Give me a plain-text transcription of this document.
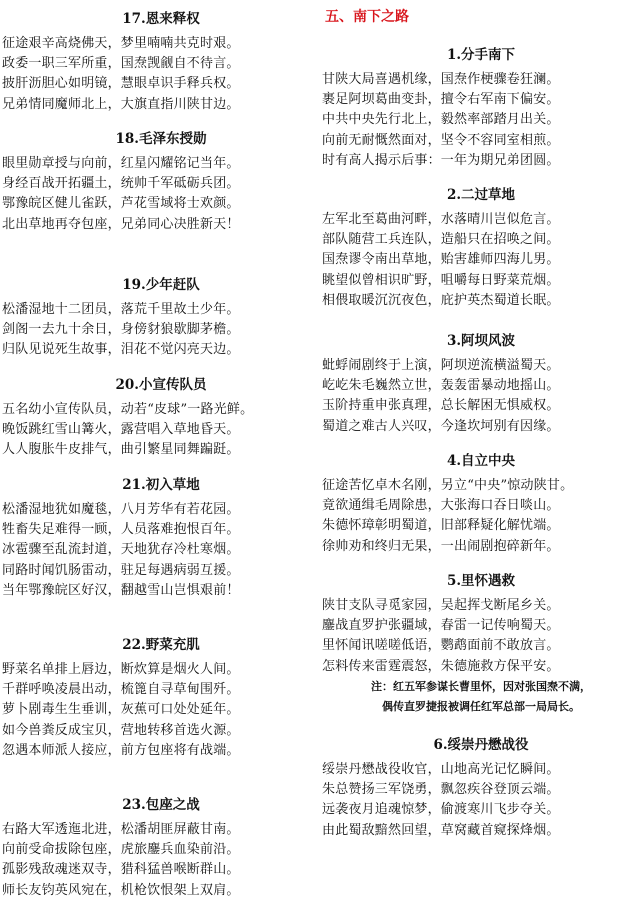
五、南下之路
17.恩来释权
征途艰辛高烧佛天，梦里喃喃共克时艰。
政委一职三军所重，国焘觊觎自不待言。
披肝沥胆心如明镜，慧眼卓识手释兵权。
兄弟情同魔师北上，大旗直指川陕甘边。
18.毛泽东授勋
眼里勋章授与向前，红星闪耀铭记当年。
身经百战开拓疆土，统帅千军砥砺兵团。
鄂豫皖区健儿雀跃，芦花雪域将士欢颜。
北出草地再夺包座，兄弟同心决胜新天！
19.少年赶队
松潘湿地十二团员，落荒千里故土少年。
剑阁一去九十余日，身傍豺狼歇脚茅檐。
归队见说死生故事，泪花不觉闪亮天边。
20.小宣传队员
五名幼小宣传队员，动若“皮球”一路光鲜。
晚饭跳红雪山篝火，露营唱入草地昏天。
人人腹胀牛皮排气，曲引繁星同舞蹁跹。
21.初入草地
松潘湿地犹如魔毯，八月芳华有若花园。
牲畜失足难得一顾，人员落难抱恨百年。
冰雹骤至乱流封道，天地犹存冷杜寒烟。
同路时闻饥肠雷动，驻足每遇病弱互援。
当年鄂豫皖区好汉，翻越雪山岂惧艰前！
22.野菜充肌
野菜名单排上唇边，断炊算是烟火人间。
千群呼唤凌晨出动，梳篦自寻草甸围歼。
萝卜剧毒生生垂训，灰蕉可口处处延年。
如今兽粪反成宝贝，营地转移首选火源。
忽遇本师派人接应，前方包座将有战端。
23.包座之战
右路大军透迤北进，松潘胡匪屏蔽甘南。
向前受命拔除包座，虎旅鏖兵血染前沿。
孤影残敌魂迷双寺，猎科猛兽喉断群山。
师长友钧英风宛在，机枪饮恨架上双肩。
1.分手南下
甘陕大局喜遇机缘，国焘作梗骤卷狂澜。
裹足阿坝葛曲变卦，擅令右军南下偏安。
中共中央先行北上，毅然率部踏月出关。
向前无耐慨然面对，坚令不容同室相煎。
时有高人揭示后事：一年为期兄弟团圆。
2.二过草地
左军北至葛曲河畔，水落晴川岂似危言。
部队随营工兵连队，造船只在招唤之间。
国焘谬令南出草地，贻害雄师四海儿男。
眺望似曾相识旷野，咀嚼每日野菜荒烟。
相偎取暖沉沉夜色，庇护英杰蜀道长眠。
3.阿坝风波
蚍蜉闹剧终于上演，阿坝逆流横溢蜀天。
屹屹朱毛巍然立世，轰轰雷暴动地摇山。
玉阶持重申张真理，总长解困无惧威权。
蜀道之难古人兴叹，今逢坎坷别有因缘。
4.自立中央
征途苦忆卓木名刚，另立“中央”惊动陕甘。
竟欲通缉毛周除患，大张海口吞日啖山。
朱德怀璋彰明蜀道，旧部释疑化解忧端。
徐帅劝和终归无果，一出闹剧抱碎新年。
5.里怀遇救
陕甘支队寻觅家园，吴起挥戈断尾乡关。
鏖战直罗护张疆域，春雷一记传响蜀天。
里怀闻讯嗟嗟低语，鹦鹉面前不敢放言。
怎料传来雷霆震怒，朱德施救方保平安。
6.绥崇丹懋战役
绥崇丹懋战役收官，山地高光记忆瞬间。
朱总赞扬三军饶勇，飘忽疾谷登顶云端。
远袭夜月追魂惊梦，偷渡寒川飞步夺关。
由此蜀敌黯然回望，草窝藏首窥探烽烟。
注：红五军参谋长曹里怀，因对张国焘不满，
偶传直罗捷报被调任红军总部一局局长。
